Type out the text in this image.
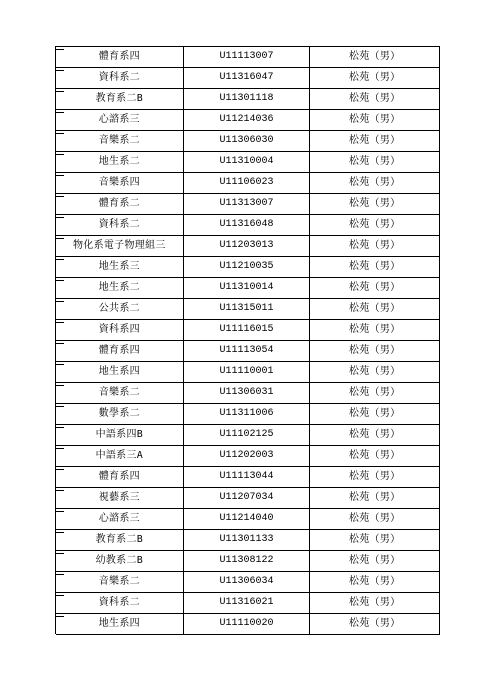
體育系四	U11113007	松苑（男）
資科系二	U11316047	松苑（男）
教育系二B	U11301118	松苑（男）
心諮系三	U11214036	松苑（男）
音樂系二	U11306030	松苑（男）
地生系二	U11310004	松苑（男）
音樂系四	U11106023	松苑（男）
體育系二	U11313007	松苑（男）
資科系二	U11316048	松苑（男）
物化系電子物理組三	U11203013	松苑（男）
地生系三	U11210035	松苑（男）
地生系二	U11310014	松苑（男）
公共系二	U11315011	松苑（男）
資科系四	U11116015	松苑（男）
體育系四	U11113054	松苑（男）
地生系四	U11110001	松苑（男）
音樂系二	U11306031	松苑（男）
數學系二	U11311006	松苑（男）
中語系四B	U11102125	松苑（男）
中語系三A	U11202003	松苑（男）
體育系四	U11113044	松苑（男）
視藝系三	U11207034	松苑（男）
心諮系三	U11214040	松苑（男）
教育系二B	U11301133	松苑（男）
幼教系二B	U11308122	松苑（男）
音樂系二	U11306034	松苑（男）
資科系二	U11316021	松苑（男）
地生系四	U11110020	松苑（男）
